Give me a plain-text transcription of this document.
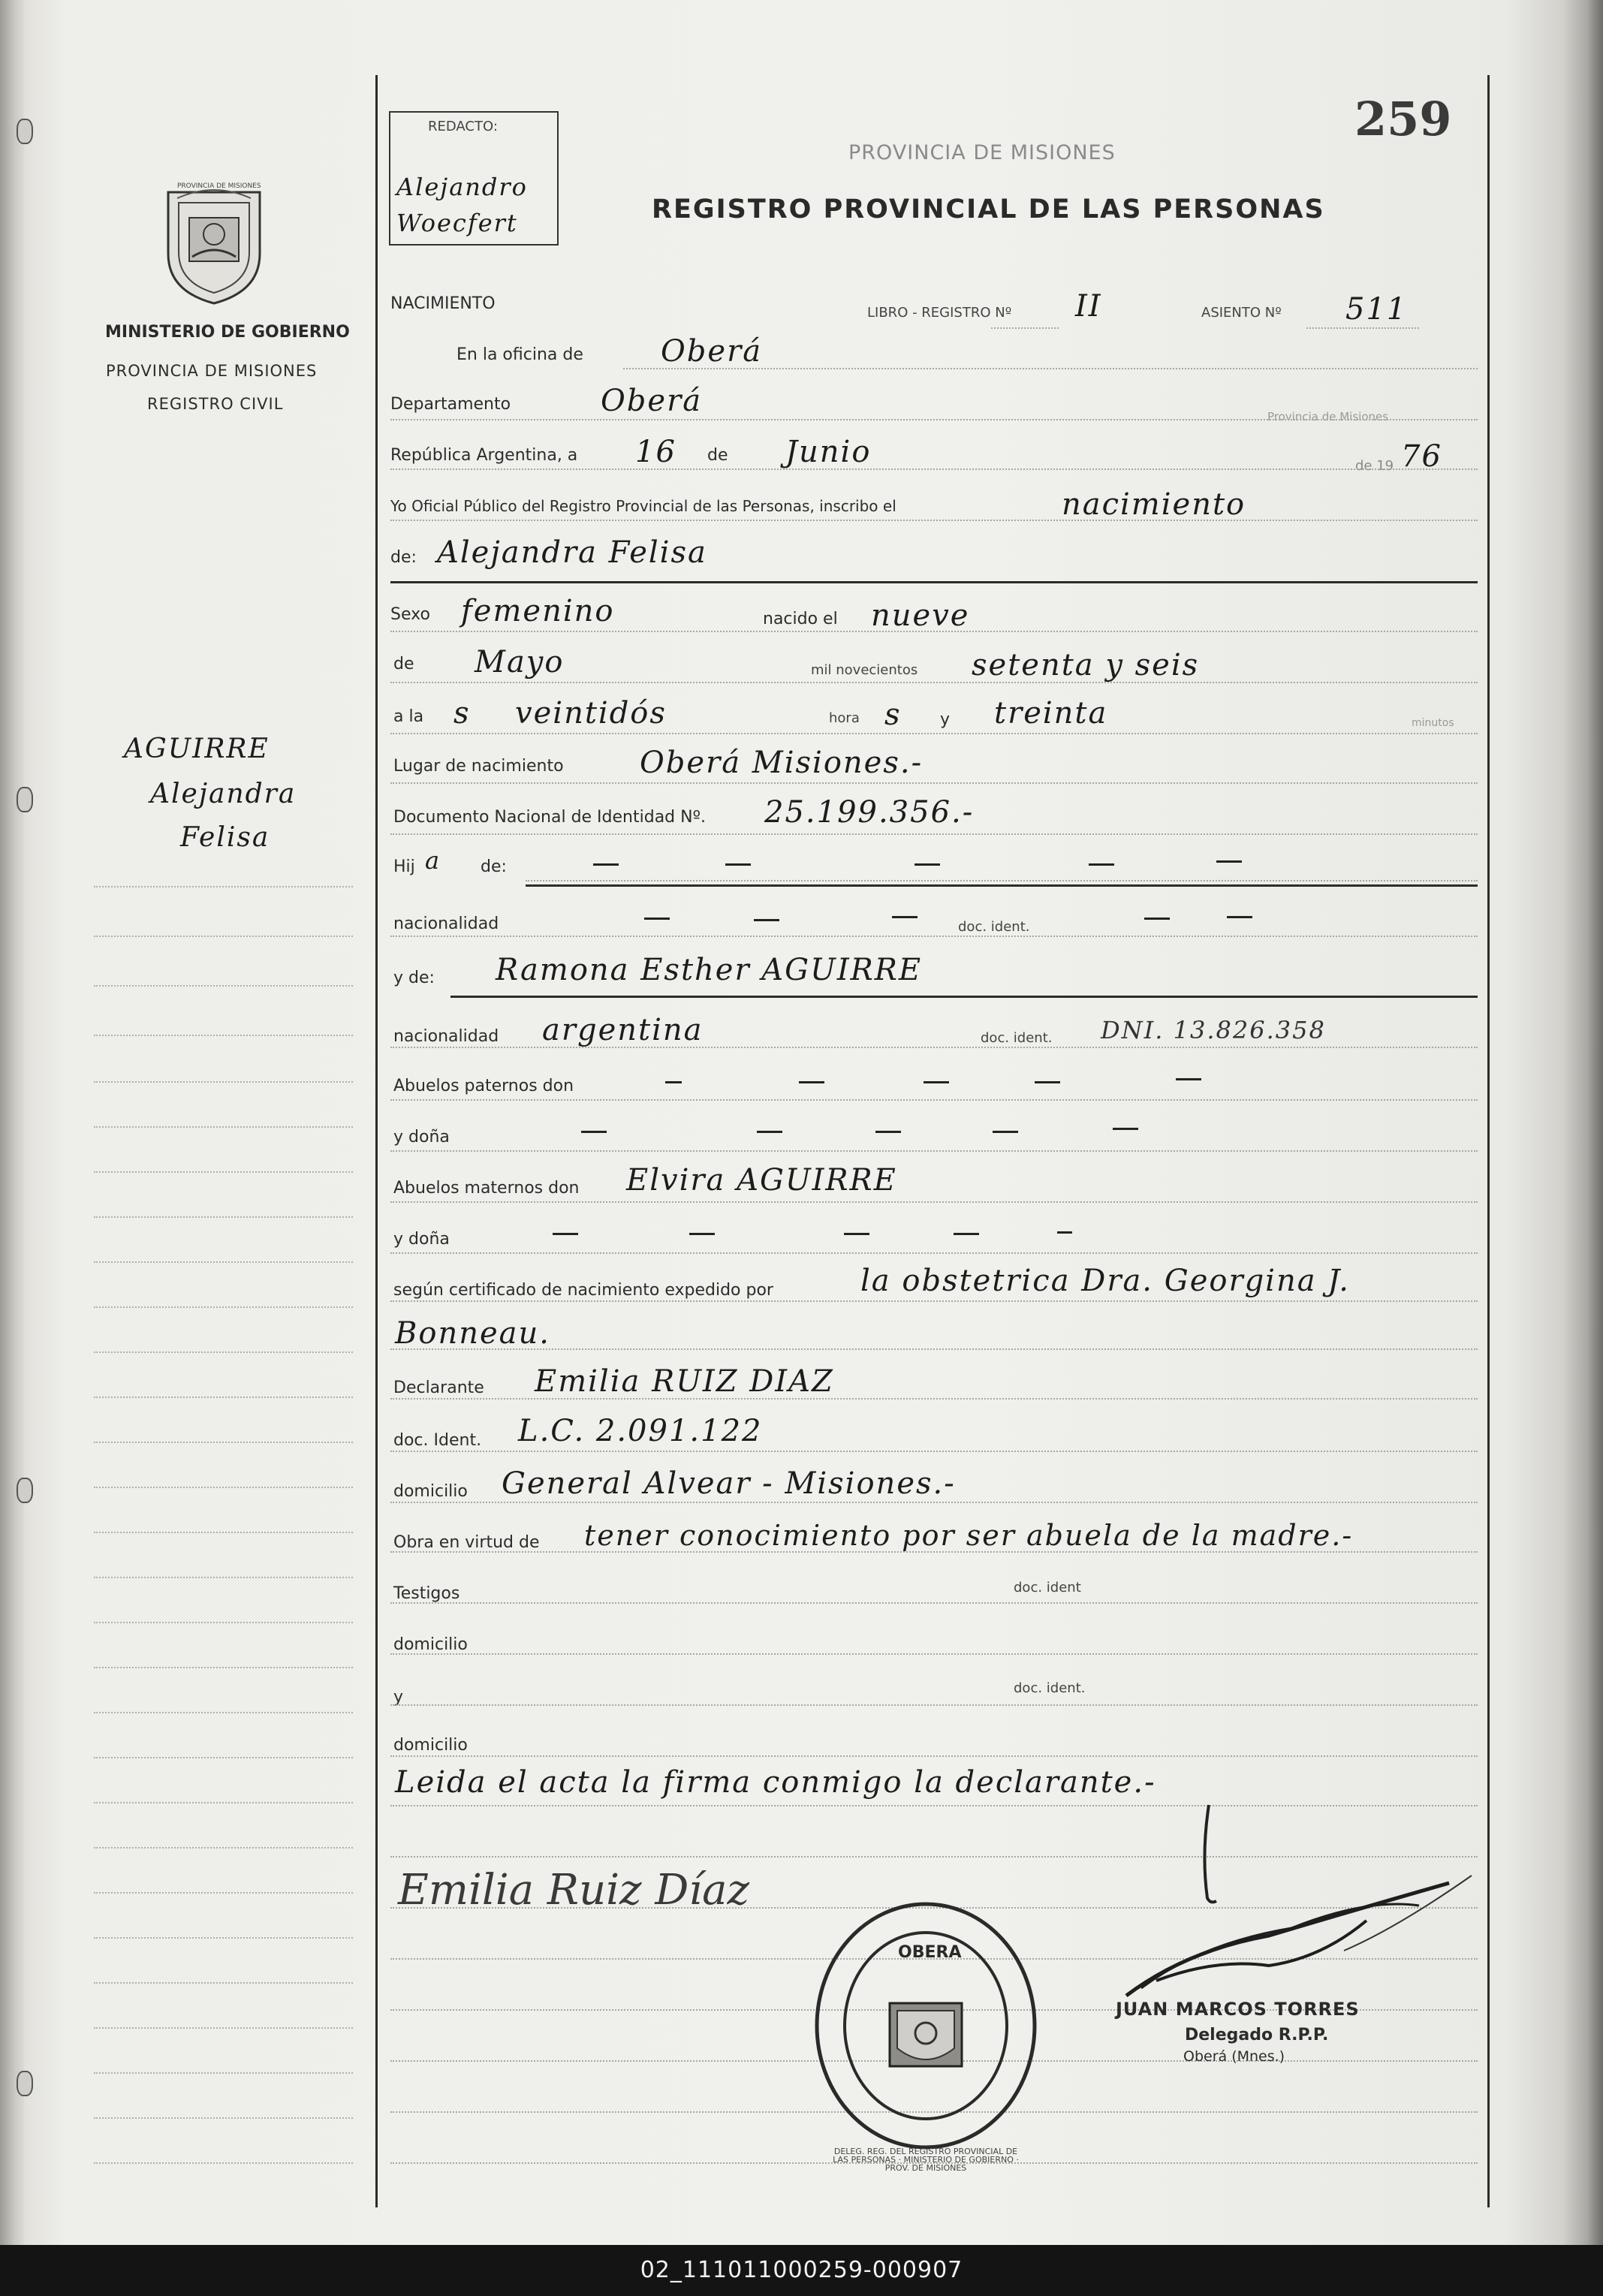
PROVINCIA DE MISIONES
MINISTERIO DE GOBIERNO
PROVINCIA DE MISIONES
REGISTRO CIVIL
AGUIRRE
Alejandra
Felisa
REDACTO:
Alejandro Woecfert
PROVINCIA DE MISIONES
REGISTRO PROVINCIAL DE LAS PERSONAS
259
NACIMIENTO	LIBRO - REGISTRO Nº II	ASIENTO Nº 511
En la oficina de	Oberá
Departamento	Oberá	Provincia de Misiones
República Argentina, a 16 de Junio	de 19 76
Yo Oficial Público del Registro Provincial de las Personas, inscribo el	nacimiento
de: Alejandra Felisa
Sexo femenino	nacido el nueve
de Mayo	mil novecientos setenta y seis
a la s veintidós	hora s y treinta	minutos
Lugar de nacimiento	Oberá Misiones.-
Documento Nacional de Identidad Nº. 25.199.356.-
Hij a de:
nacionalidad	doc. ident.
y de: Ramona Esther AGUIRRE
nacionalidad argentina	doc. ident. DNI. 13.826.358
Abuelos paternos don
y doña
Abuelos maternos don Elvira AGUIRRE
y doña
según certificado de nacimiento expedido por	la obstetrica Dra. Georgina J.
Bonneau.
Declarante Emilia RUIZ DIAZ
doc. Ident. L.C. 2.091.122
domicilio General Alvear - Misiones.-
Obra en virtud de tener conocimiento por ser abuela de la madre.-
Testigos	doc. ident
domicilio
y	doc. ident.
domicilio
Leida el acta la firma conmigo la declarante.-
Emilia Ruiz Díaz
OBERA
DELEG. REG. DEL REGISTRO PROVINCIAL DE LAS PERSONAS · MINISTERIO DE GOBIERNO · PROV. DE MISIONES
JUAN MARCOS TORRES
Delegado R.P.P.
Oberá (Mnes.)
02_111011000259-000907
